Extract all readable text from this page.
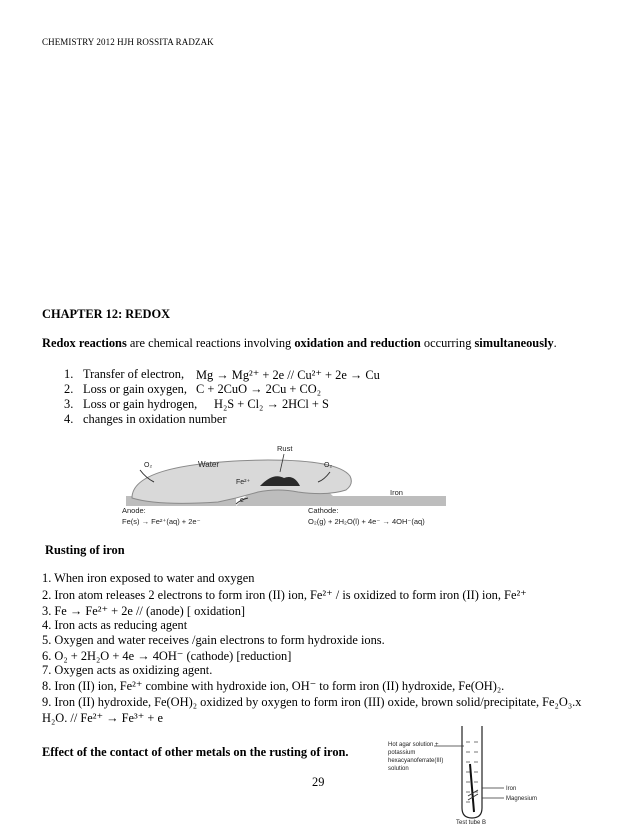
CHEMISTRY 2012 HJH ROSSITA RADZAK
CHAPTER 12: REDOX
Redox reactions are chemical reactions involving oxidation and reduction occurring simultaneously.
1. Transfer of electron, Mg → Mg²⁺ + 2e // Cu²⁺ + 2e → Cu
2. Loss or gain oxygen, C + 2CuO → 2Cu + CO₂
3. Loss or gain hydrogen, H₂S + Cl₂ → 2HCl + S
4. changes in oxidation number
Rust
Water
O₂	O₂
Fe²⁺
e⁻
Iron
Anode:
Fe(s) → Fe²⁺(aq) + 2e⁻
Cathode:
O₂(g) + 2H₂O(l) + 4e⁻ → 4OH⁻(aq)
Rusting of iron
1. When iron exposed to water and oxygen
2. Iron atom releases 2 electrons to form iron (II) ion, Fe²⁺ / is oxidized to form iron (II) ion, Fe²⁺
3. Fe → Fe²⁺ + 2e // (anode) [ oxidation]
4. Iron acts as reducing agent
5. Oxygen and water receives /gain electrons to form hydroxide ions.
6. O₂ + 2H₂O + 4e → 4OH⁻ (cathode) [reduction]
7. Oxygen acts as oxidizing agent.
8. Iron (II) ion, Fe²⁺ combine with hydroxide ion, OH⁻ to form iron (II) hydroxide, Fe(OH)₂.
9. Iron (II) hydroxide, Fe(OH)₂ oxidized by oxygen to form iron (III) oxide, brown solid/precipitate, Fe₂O₃.x H₂O. // Fe²⁺ → Fe³⁺ + e
Effect of the contact of other metals on the rusting of iron.	Hot agar solution +
potassium
hexacyanoferrate(III)
solution
Iron
Magnesium
Test tube B
29
